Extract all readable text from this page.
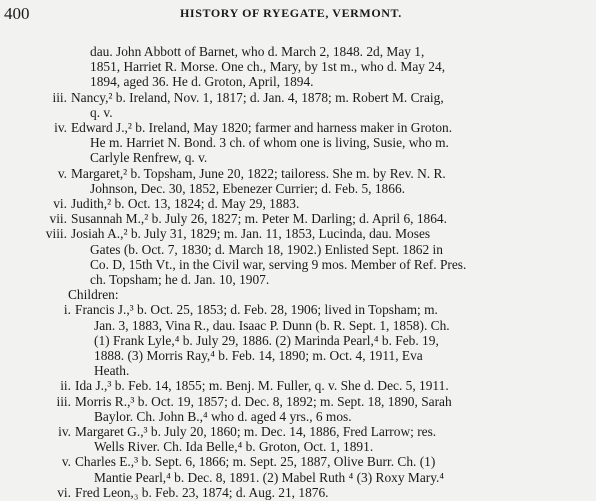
400	HISTORY OF RYEGATE, VERMONT.
dau. John Abbott of Barnet, who d. March 2, 1848. 2d, May 1,
1851, Harriet R. Morse. One ch., Mary, by 1st m., who d. May 24,
1894, aged 36. He d. Groton, April, 1894.
iii. Nancy,² b. Ireland, Nov. 1, 1817; d. Jan. 4, 1878; m. Robert M. Craig,
q. v.
iv. Edward J.,² b. Ireland, May 1820; farmer and harness maker in Groton.
He m. Harriet N. Bond. 3 ch. of whom one is living, Susie, who m.
Carlyle Renfrew, q. v.
v. Margaret,² b. Topsham, June 20, 1822; tailoress. She m. by Rev. N. R.
Johnson, Dec. 30, 1852, Ebenezer Currier; d. Feb. 5, 1866.
vi. Judith,² b. Oct. 13, 1824; d. May 29, 1883.
vii. Susannah M.,² b. July 26, 1827; m. Peter M. Darling; d. April 6, 1864.
viii. Josiah A.,² b. July 31, 1829; m. Jan. 11, 1853, Lucinda, dau. Moses
Gates (b. Oct. 7, 1830; d. March 18, 1902.) Enlisted Sept. 1862 in
Co. D, 15th Vt., in the Civil war, serving 9 mos. Member of Ref. Pres.
ch. Topsham; he d. Jan. 10, 1907.
Children:
i. Francis J.,³ b. Oct. 25, 1853; d. Feb. 28, 1906; lived in Topsham; m.
Jan. 3, 1883, Vina R., dau. Isaac P. Dunn (b. R. Sept. 1, 1858). Ch.
(1) Frank Lyle,⁴ b. July 29, 1886. (2) Marinda Pearl,⁴ b. Feb. 19,
1888. (3) Morris Ray,⁴ b. Feb. 14, 1890; m. Oct. 4, 1911, Eva
Heath.
ii. Ida J.,³ b. Feb. 14, 1855; m. Benj. M. Fuller, q. v. She d. Dec. 5, 1911.
iii. Morris R.,³ b. Oct. 19, 1857; d. Dec. 8, 1892; m. Sept. 18, 1890, Sarah
Baylor. Ch. John B.,⁴ who d. aged 4 yrs., 6 mos.
iv. Margaret G.,³ b. July 20, 1860; m. Dec. 14, 1886, Fred Larrow; res.
Wells River. Ch. Ida Belle,⁴ b. Groton, Oct. 1, 1891.
v. Charles E.,³ b. Sept. 6, 1866; m. Sept. 25, 1887, Olive Burr. Ch. (1)
Mantie Pearl,⁴ b. Dec. 8, 1891. (2) Mabel Ruth ⁴ (3) Roxy Mary.⁴
vi. Fred Leon,₃ b. Feb. 23, 1874; d. Aug. 21, 1876.
